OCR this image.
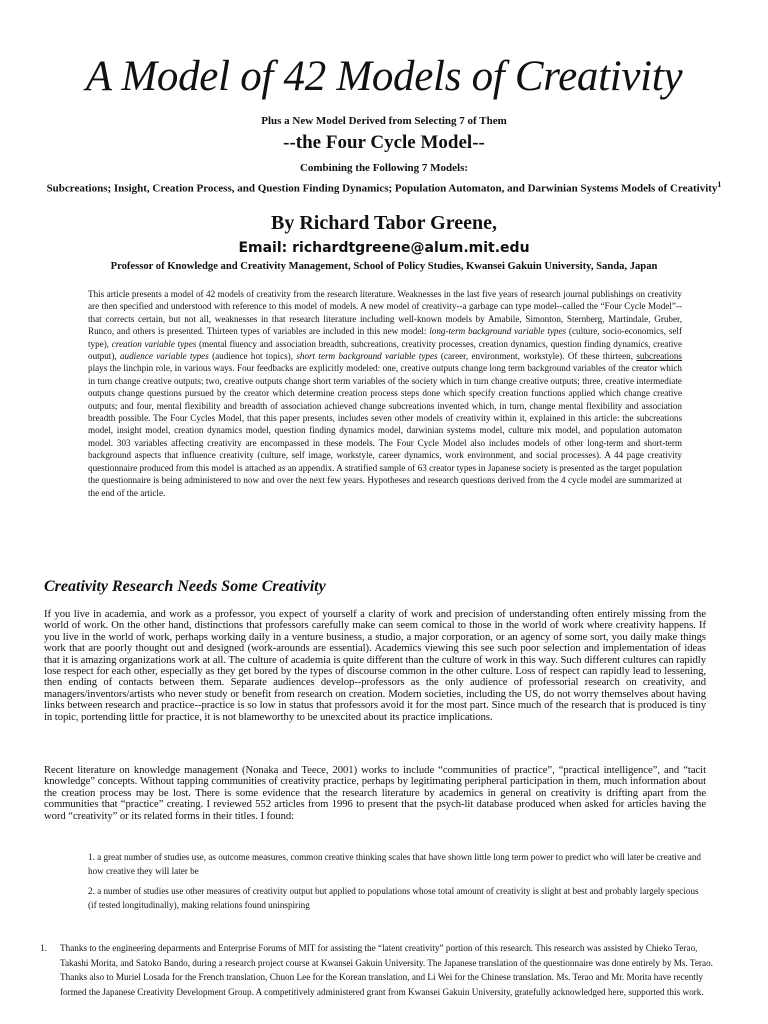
A Model of 42 Models of Creativity
Plus a New Model Derived from Selecting 7 of Them
--the Four Cycle Model--
Combining the Following 7 Models:
Subcreations; Insight, Creation Process, and Question Finding Dynamics; Population Automaton, and Darwinian Systems Models of Creativity$^1$
By Richard Tabor Greene,
Email: richardtgreene@alum.mit.edu
Professor of Knowledge and Creativity Management, School of Policy Studies, Kwansei Gakuin University, Sanda, Japan
This article presents a model of 42 models of creativity from the research literature. Weaknesses in the last five years of research journal publishings on creativity are then specified and understood with reference to this model of models. A new model of creativity--a garbage can type model--called the “Four Cycle Model”--that corrects certain, but not all, weaknesses in that research literature including well-known models by Amabile, Simonton, Sternberg, Martindale, Gruber, Runco, and others is presented. Thirteen types of variables are included in this new model: long-term background variable types (culture, socio-economics, self type), creation variable types (mental fluency and association breadth, subcreations, creativity processes, creation dynamics, question finding dynamics, creative output), audience variable types (audience hot topics), short term background variable types (career, environment, workstyle). Of these thirteen, subcreations plays the linchpin role, in various ways. Four feedbacks are explicitly modeled: one, creative outputs change long term background variables of the creator which in turn change creative outputs; two, creative outputs change short term variables of the society which in turn change creative outputs; three, creative intermediate outputs change questions pursued by the creator which determine creation process steps done which specify creation functions applied which change creative outputs; and four, mental flexibility and breadth of association achieved change subcreations invented which, in turn, change mental flexibility and association breadth possible. The Four Cycles Model, that this paper presents, includes seven other models of creativity within it, explained in this article: the subcreations model, insight model, creation dynamics model, question finding dynamics model, darwinian systems model, culture mix model, and population automaton model. 303 variables affecting creativity are encompassed in these models. The Four Cycle Model also includes models of other long-term and short-term background aspects that influence creativity (culture, self image, workstyle, career dynamics, work environment, and social processes). A 44 page creativity questionnaire produced from this model is attached as an appendix. A stratified sample of 63 creator types in Japanese society is presented as the target population the questionnaire is being administered to now and over the next few years. Hypotheses and research questions derived from the 4 cycle model are summarized at the end of the article.
Creativity Research Needs Some Creativity
If you live in academia, and work as a professor, you expect of yourself a clarity of work and precision of understanding often entirely missing from the world of work. On the other hand, distinctions that professors carefully make can seem comical to those in the world of work where creativity happens. If you live in the world of work, perhaps working daily in a venture business, a studio, a major corporation, or an agency of some sort, you daily make things work that are poorly thought out and designed (work-arounds are essential). Academics viewing this see such poor selection and implementation of ideas that it is amazing organizations work at all. The culture of academia is quite different than the culture of work in this way. Such different cultures can rapidly lose respect for each other, especially as they get bored by the types of discourse common in the other culture. Loss of respect can rapidly lead to lessening, then ending of contacts between them. Separate audiences develop--professors as the only audience of professorial research on creativity, and managers/inventors/artists who never study or benefit from research on creation. Modern societies, including the US, do not worry themselves about having links between research and practice--practice is so low in status that professors avoid it for the most part. Since much of the research that is produced is tiny in topic, portending little for practice, it is not blameworthy to be unexcited about its practice implications.
Recent literature on knowledge management (Nonaka and Teece, 2001) works to include “communities of practice”, “practical intelligence”, and “tacit knowledge” concepts. Without tapping communities of creativity practice, perhaps by legitimating peripheral participation in them, much information about the creation process may be lost. There is some evidence that the research literature by academics in general on creativity is drifting apart from the communities that “practice” creating. I reviewed 552 articles from 1996 to present that the psych-lit database produced when asked for articles having the word “creativity” or its related forms in their titles. I found:
1. a great number of studies use, as outcome measures, common creative thinking scales that have shown little long term power to predict who will later be creative and how creative they will later be
2. a number of studies use other measures of creativity output but applied to populations whose total amount of creativity is slight at best and probably largely specious (if tested longitudinally), making relations found uninspiring
1.	Thanks to the engineering deparments and Enterprise Forums of MIT for assisting the “latent creativity” portion of this research. This research was assisted by Chieko Terao, Takashi Morita, and Satoko Bando, during a research project course at Kwansei Gakuin University. The Japanese translation of the questionnaire was done entirely by Ms. Terao. Thanks also to Muriel Losada for the French translation, Chuon Lee for the Korean translation, and Li Wei for the Chinese translation. Ms. Terao and Mr. Morita have recently formed the Japanese Creativity Development Group. A competitively administered grant from Kwansei Gakuin University, gratefully acknowledged here, supported this work.
